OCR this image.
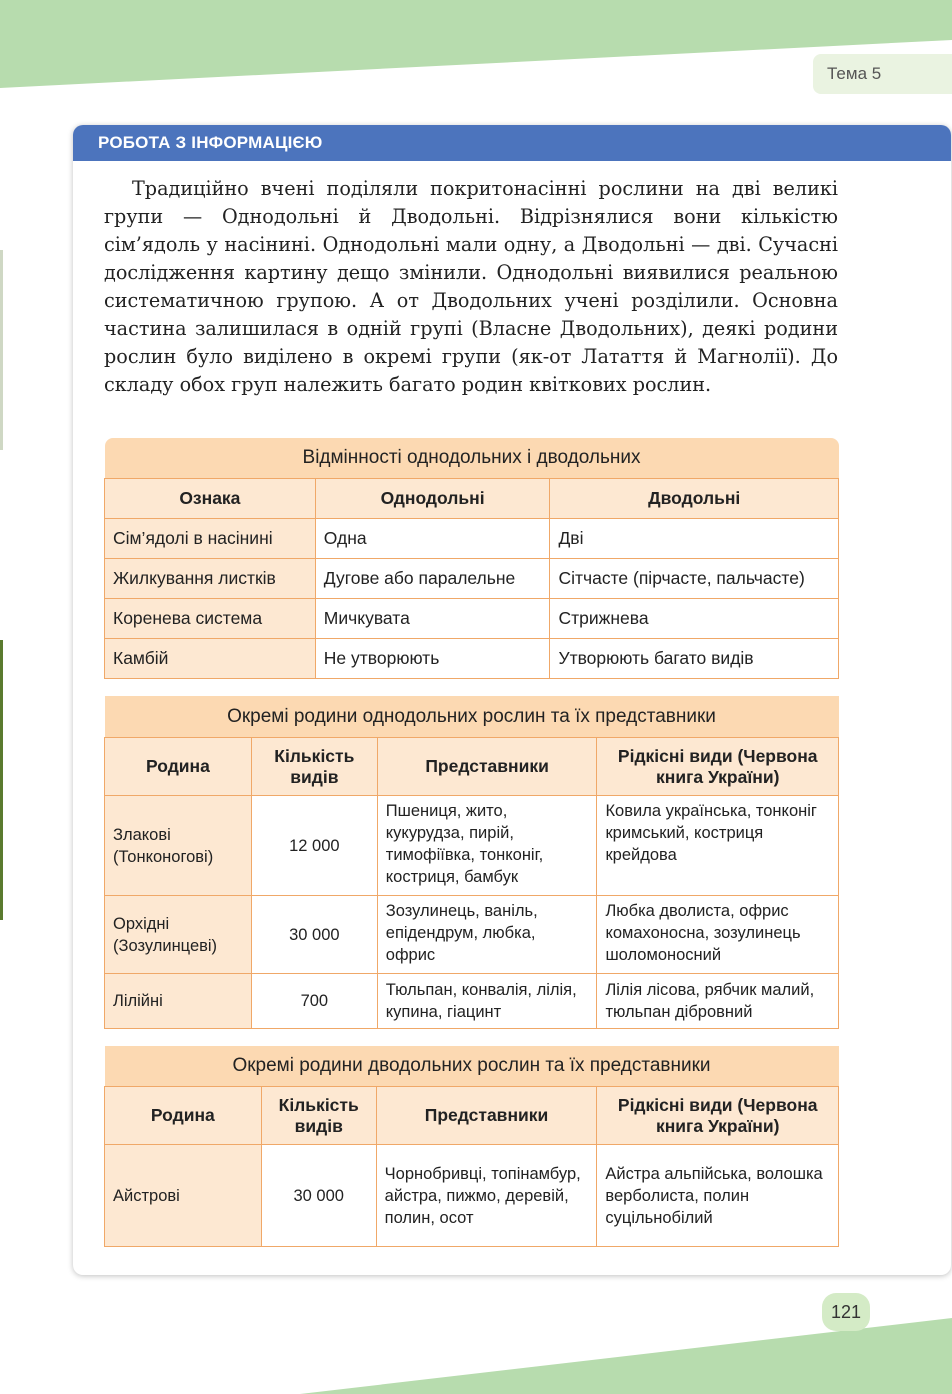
Тема 5
РОБОТА З ІНФОРМАЦІЄЮ

Традиційно вчені поділяли покритонасінні рослини на дві великі групи — Однодольні й Дводольні. Відрізнялися вони кількістю сім’ядоль у насінині. Однодольні мали одну, а Дводольні — дві. Сучасні дослідження картину дещо змінили. Однодольні виявилися реальною систематичною групою. А от Дводольних учені розділили. Основна частина залишилася в одній групі (Власне Дводольних), деякі родини рослин було виділено в окремі групи (як-от Латаття й Магнолії). До складу обох груп належить багато родин квіткових рослин.

Відмінності однодольних і дводольних		
Ознака	Однодольні	Дводольні
Сім’ядолі в насінині	Одна	Дві
Жилкування листків	Дугове або паралельне	Сітчасте (пірчасте, пальчасте)
Коренева система	Мичкувата	Стрижнева
Камбій	Не утворюють	Утворюють багато видів
Окремі родини однодольних рослин та їх представники			
Родина	Кількість видів	Представники	Рідкісні види (Червона книга України)
Злакові (Тонконогові)	12 000	Пшениця, жито, кукурудза, пирій, тимофіївка, тонконіг, костриця, бамбук	Ковила українська, тонконіг кримський, костриця крейдова
Орхідні (Зозулинцеві)	30 000	Зозулинець, ваніль, епідендрум, любка, офрис	Любка дволиста, офрис комахоносна, зозулинець шоломоносний
Лілійні	700	Тюльпан, конвалія, лілія, купина, гіацинт	Лілія лісова, рябчик малий, тюльпан дібровний
Окремі родини дводольних рослин та їх представники			
Родина	Кількість видів	Представники	Рідкісні види (Червона книга України)
Айстрові	30 000	Чорнобривці, топінамбур, айстра, пижмо, деревій, полин, осот	Айстра альпійська, волошка верболиста, полин суцільнобілий
121
